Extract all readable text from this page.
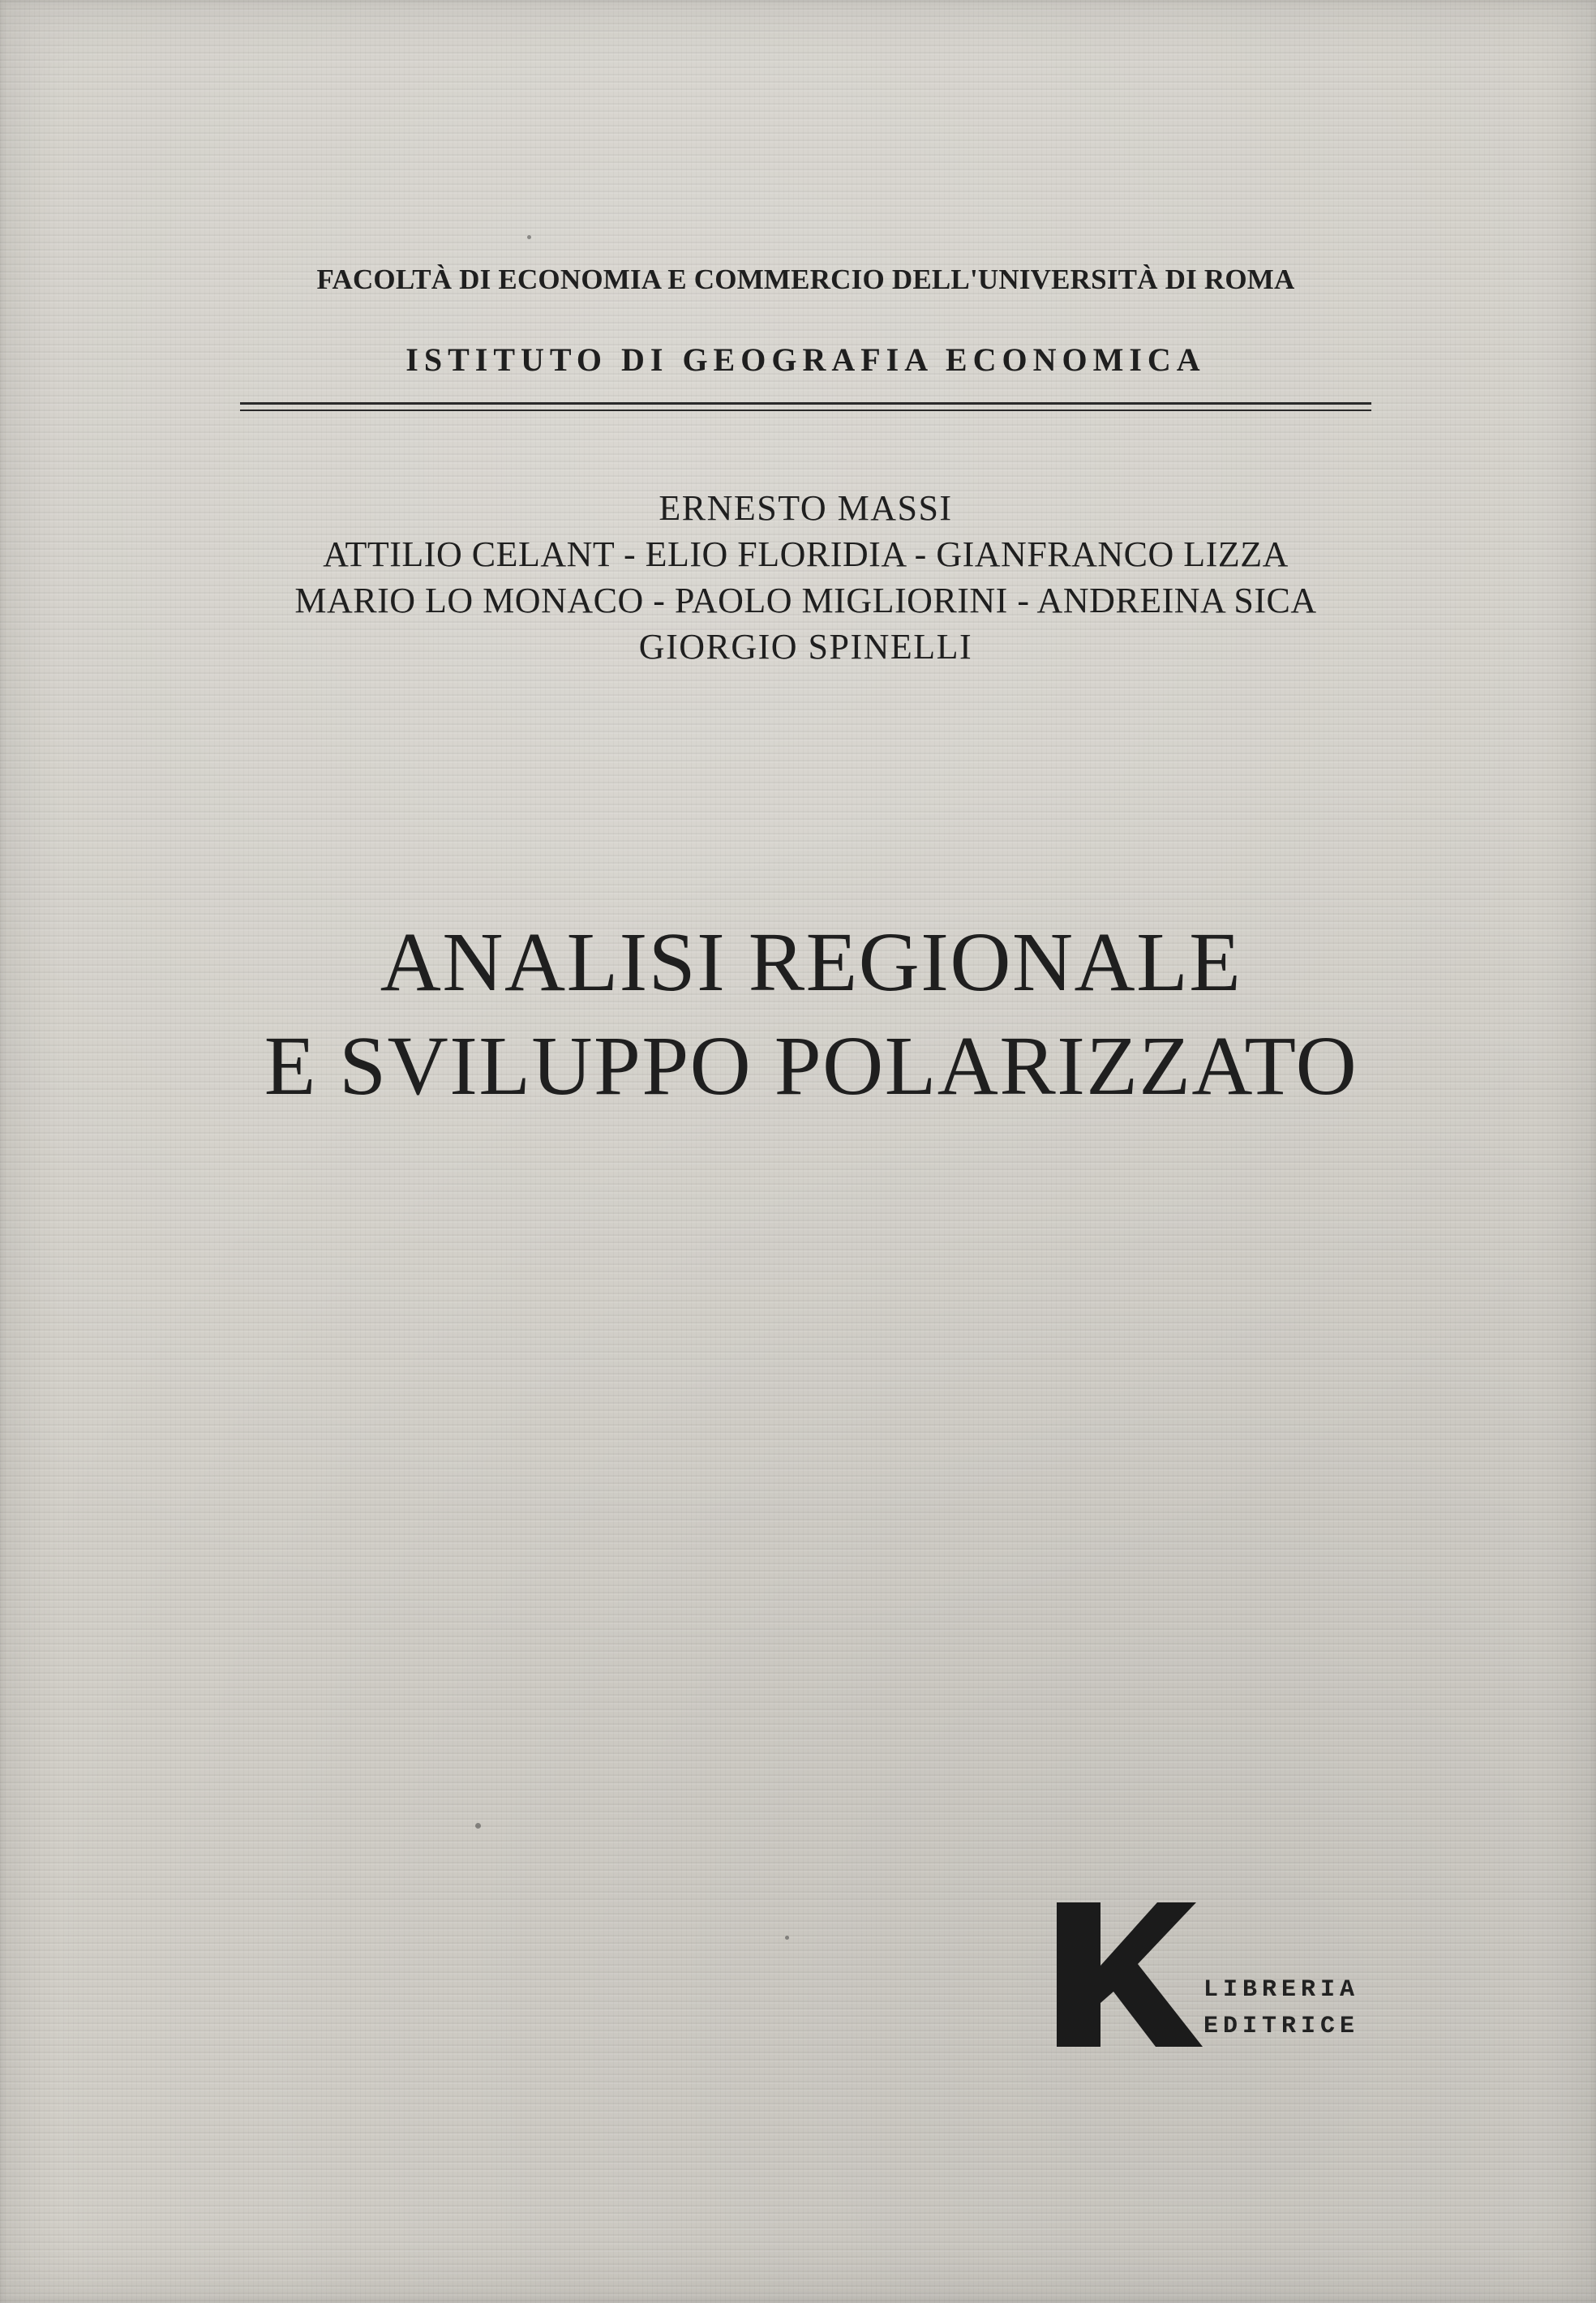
FACOLTÀ DI ECONOMIA E COMMERCIO DELL'UNIVERSITÀ DI ROMA
ISTITUTO DI GEOGRAFIA ECONOMICA
ERNESTO MASSI
ATTILIO CELANT - ELIO FLORIDIA - GIANFRANCO LIZZA
MARIO LO MONACO - PAOLO MIGLIORINI - ANDREINA SICA
GIORGIO SPINELLI
ANALISI REGIONALE
E SVILUPPO POLARIZZATO
LIBRERIA
EDITRICE
